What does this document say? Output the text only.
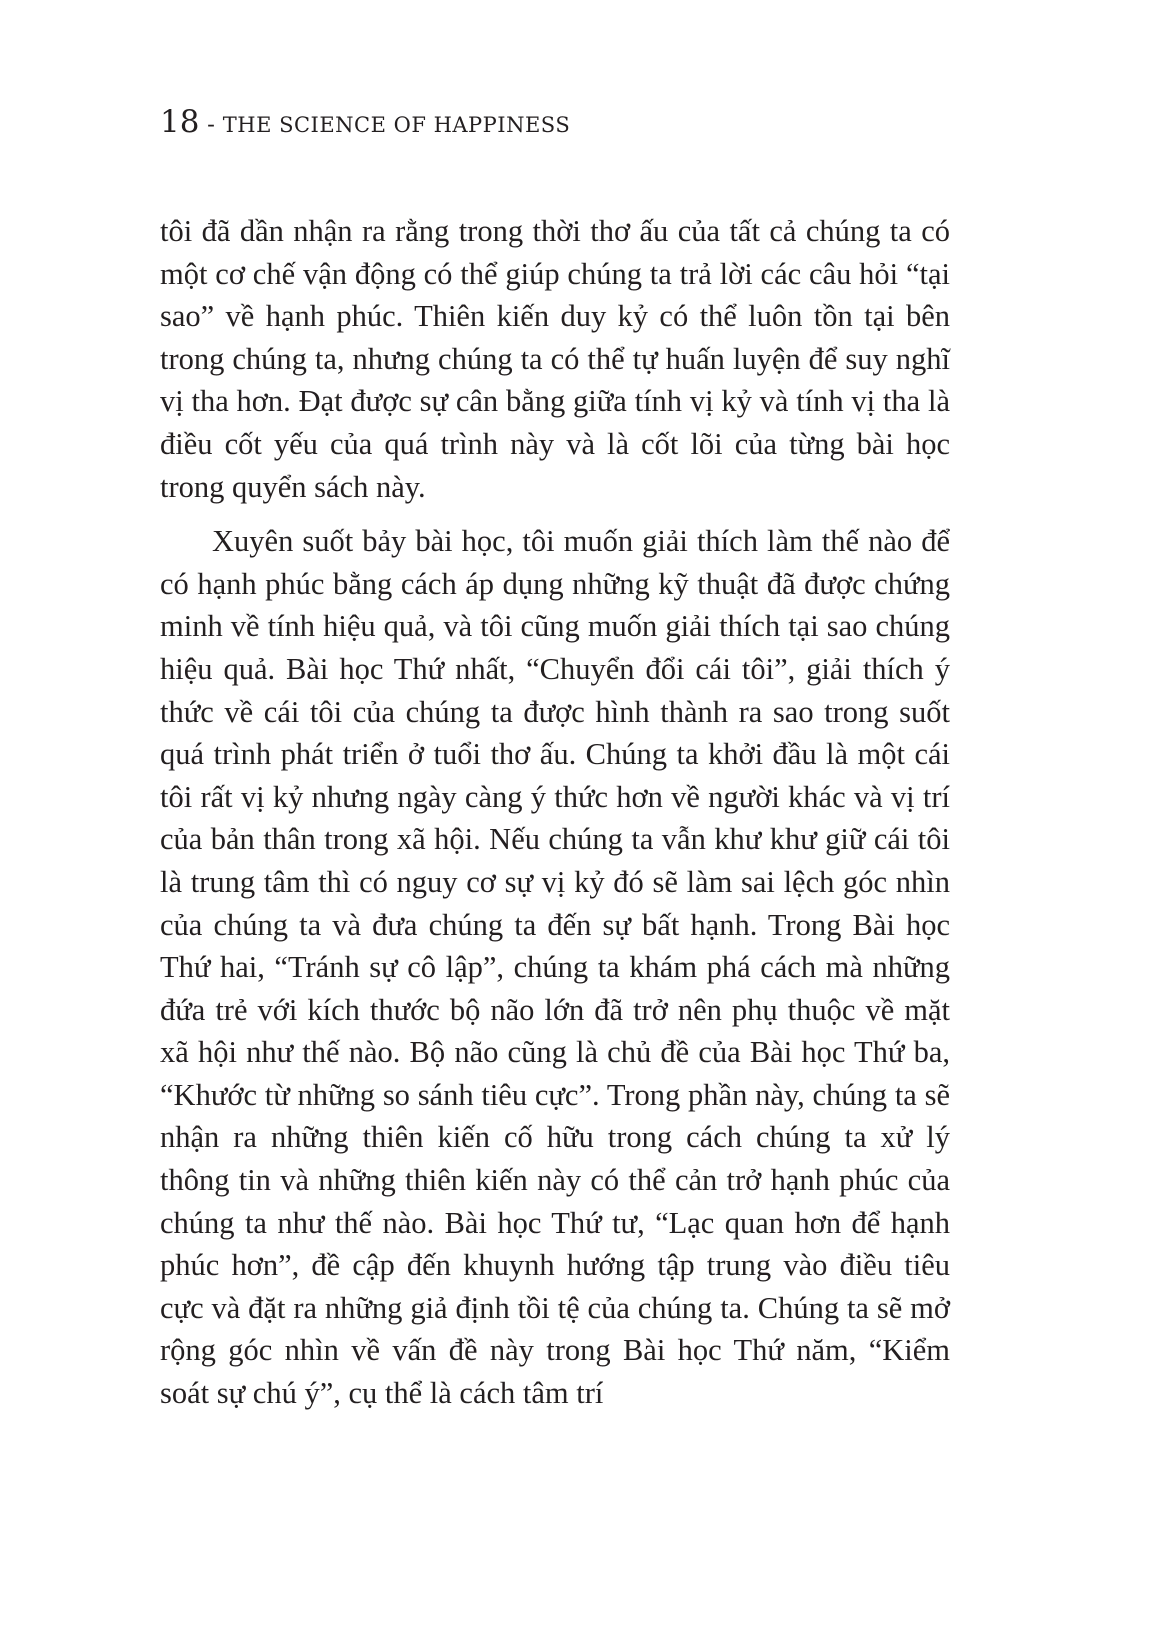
18 - THE SCIENCE OF HAPPINESS

tôi đã dần nhận ra rằng trong thời thơ ấu của tất cả chúng ta có một cơ chế vận động có thể giúp chúng ta trả lời các câu hỏi “tại sao” về hạnh phúc. Thiên kiến duy kỷ có thể luôn tồn tại bên trong chúng ta, nhưng chúng ta có thể tự huấn luyện để suy nghĩ vị tha hơn. Đạt được sự cân bằng giữa tính vị kỷ và tính vị tha là điều cốt yếu của quá trình này và là cốt lõi của từng bài học trong quyển sách này.

Xuyên suốt bảy bài học, tôi muốn giải thích làm thế nào để có hạnh phúc bằng cách áp dụng những kỹ thuật đã được chứng minh về tính hiệu quả, và tôi cũng muốn giải thích tại sao chúng hiệu quả. Bài học Thứ nhất, “Chuyển đổi cái tôi”, giải thích ý thức về cái tôi của chúng ta được hình thành ra sao trong suốt quá trình phát triển ở tuổi thơ ấu. Chúng ta khởi đầu là một cái tôi rất vị kỷ nhưng ngày càng ý thức hơn về người khác và vị trí của bản thân trong xã hội. Nếu chúng ta vẫn khư khư giữ cái tôi là trung tâm thì có nguy cơ sự vị kỷ đó sẽ làm sai lệch góc nhìn của chúng ta và đưa chúng ta đến sự bất hạnh. Trong Bài học Thứ hai, “Tránh sự cô lập”, chúng ta khám phá cách mà những đứa trẻ với kích thước bộ não lớn đã trở nên phụ thuộc về mặt xã hội như thế nào. Bộ não cũng là chủ đề của Bài học Thứ ba, “Khước từ những so sánh tiêu cực”. Trong phần này, chúng ta sẽ nhận ra những thiên kiến cố hữu trong cách chúng ta xử lý thông tin và những thiên kiến này có thể cản trở hạnh phúc của chúng ta như thế nào. Bài học Thứ tư, “Lạc quan hơn để hạnh phúc hơn”, đề cập đến khuynh hướng tập trung vào điều tiêu cực và đặt ra những giả định tồi tệ của chúng ta. Chúng ta sẽ mở rộng góc nhìn về vấn đề này trong Bài học Thứ năm, “Kiểm soát sự chú ý”, cụ thể là cách tâm trí
